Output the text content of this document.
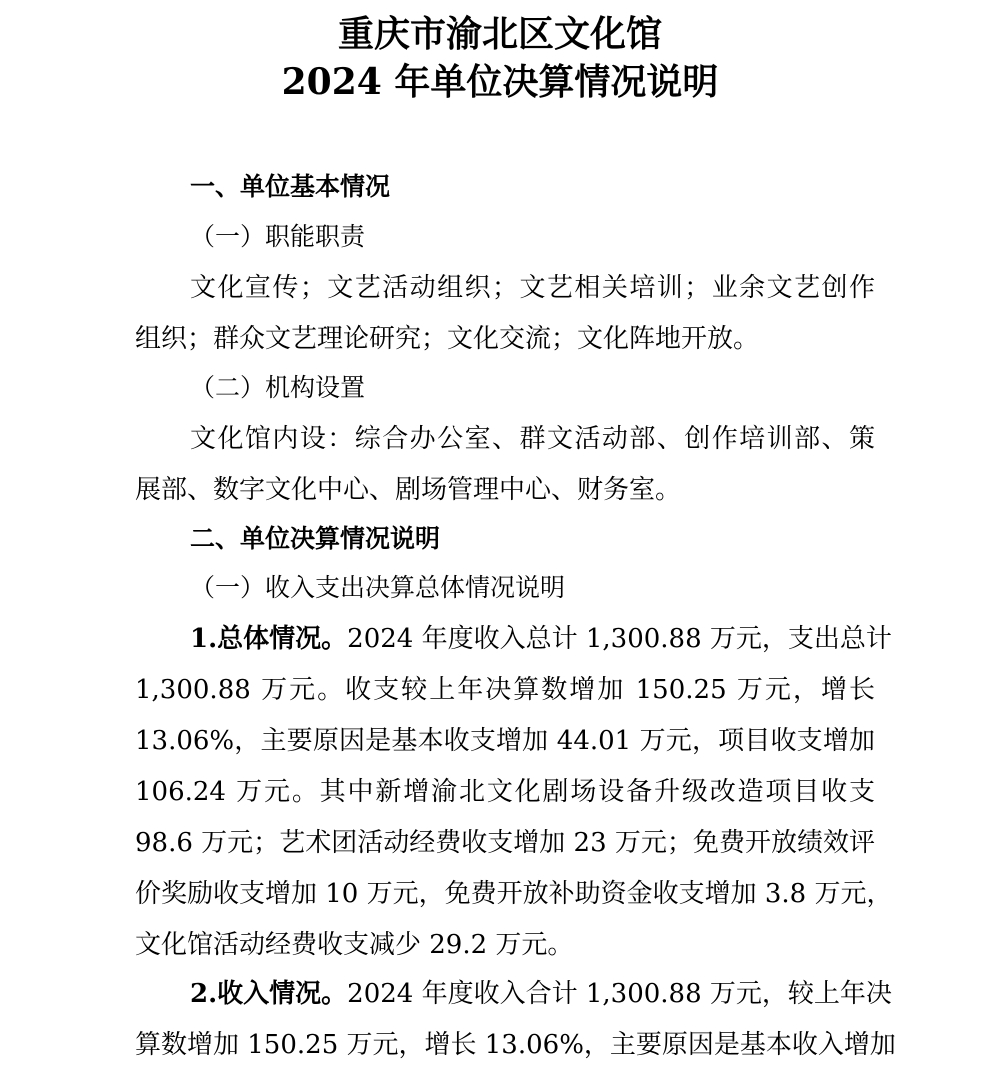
重庆市渝北区文化馆
2024 年单位决算情况说明
一、单位基本情况
（一）职能职责
文化宣传；文艺活动组织；文艺相关培训；业余文艺创作
组织；群众文艺理论研究；文化交流；文化阵地开放。
（二）机构设置
文化馆内设：综合办公室、群文活动部、创作培训部、策
展部、数字文化中心、剧场管理中心、财务室。
二、单位决算情况说明
（一）收入支出决算总体情况说明
1.总体情况。 2024 年度收入总计 1,300.88 万元，支出总计
1,300.88 万元。收支较上年决算数增加 150.25 万元，增长
13.06%，主要原因是基本收支增加 44.01 万元，项目收支增加
106.24 万元。其中新增渝北文化剧场设备升级改造项目收支
98.6 万元；艺术团活动经费收支增加 23 万元；免费开放绩效评
价奖励收支增加 10 万元，免费开放补助资金收支增加 3.8 万元，
文化馆活动经费收支减少 29.2 万元。
2.收入情况。 2024 年度收入合计 1,300.88 万元，较上年决
算数增加 150.25 万元，增长 13.06%，主要原因是基本收入增加
